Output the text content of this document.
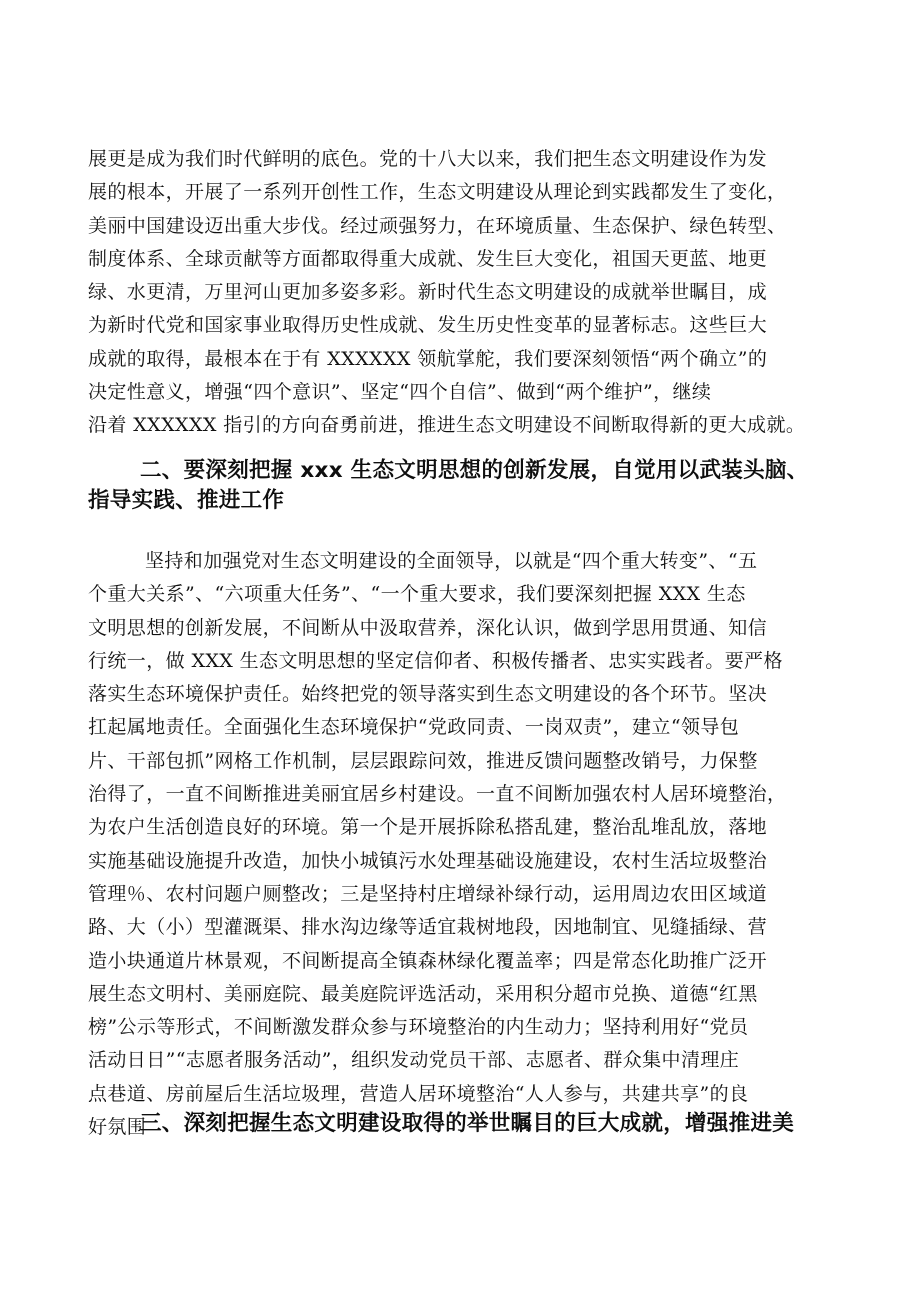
展更是成为我们时代鲜明的底色。党的十八大以来，我们把生态文明建设作为发
展的根本，开展了一系列开创性工作，生态文明建设从理论到实践都发生了变化，
美丽中国建设迈出重大步伐。经过顽强努力，在环境质量、生态保护、绿色转型、
制度体系、全球贡献等方面都取得重大成就、发生巨大变化，祖国天更蓝、地更
绿、水更清，万里河山更加多姿多彩。新时代生态文明建设的成就举世瞩目，成
为新时代党和国家事业取得历史性成就、发生历史性变革的显著标志。这些巨大
成就的取得，最根本在于有 XXXXXX 领航掌舵，我们要深刻领悟“两个确立”的
决定性意义，增强“四个意识”、坚定“四个自信”、做到“两个维护”，继续
沿着 XXXXXX 指引的方向奋勇前进，推进生态文明建设不间断取得新的更大成就。
二、要深刻把握 xxx 生态文明思想的创新发展，自觉用以武装头脑、
指导实践、推进工作
坚持和加强党对生态文明建设的全面领导，以就是“四个重大转变”、“五
个重大关系”、“六项重大任务”、“一个重大要求，我们要深刻把握 XXX 生态
文明思想的创新发展，不间断从中汲取营养，深化认识，做到学思用贯通、知信
行统一，做 XXX 生态文明思想的坚定信仰者、积极传播者、忠实实践者。要严格
落实生态环境保护责任。始终把党的领导落实到生态文明建设的各个环节。坚决
扛起属地责任。全面强化生态环境保护“党政同责、一岗双责”，建立“领导包
片、干部包抓”网格工作机制，层层跟踪问效，推进反馈问题整改销号，力保整
治得了，一直不间断推进美丽宜居乡村建设。一直不间断加强农村人居环境整治，
为农户生活创造良好的环境。第一个是开展拆除私搭乱建，整治乱堆乱放，落地
实施基础设施提升改造，加快小城镇污水处理基础设施建设，农村生活垃圾整治
管理％、农村问题户厕整改；三是坚持村庄增绿补绿行动，运用周边农田区域道
路、大（小）型灌溉渠、排水沟边缘等适宜栽树地段，因地制宜、见缝插绿、营
造小块通道片林景观，不间断提高全镇森林绿化覆盖率；四是常态化助推广泛开
展生态文明村、美丽庭院、最美庭院评选活动，采用积分超市兑换、道德“红黑
榜”公示等形式，不间断激发群众参与环境整治的内生动力；坚持利用好“党员
活动日日”“志愿者服务活动”，组织发动党员干部、志愿者、群众集中清理庄
点巷道、房前屋后生活垃圾理，营造人居环境整治“人人参与，共建共享”的良
好氛围
三、深刻把握生态文明建设取得的举世瞩目的巨大成就，增强推进美
